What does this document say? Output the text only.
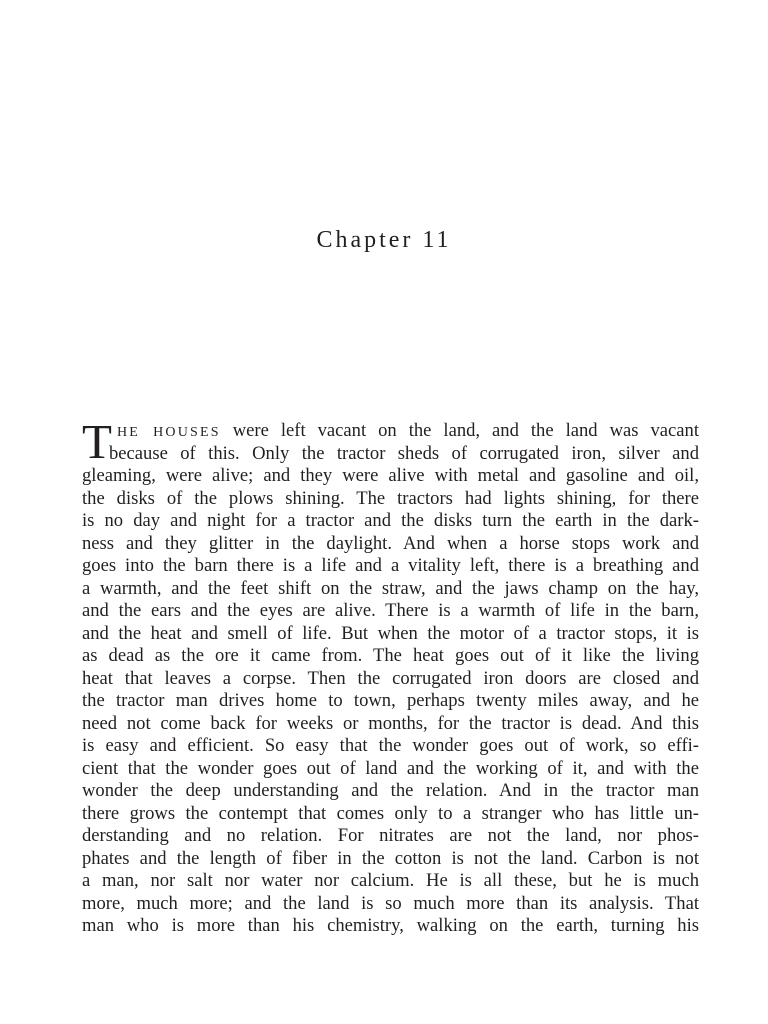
Chapter 11
T HE HOUSES were left vacant on the land, and the land was vacant
because of this. Only the tractor sheds of corrugated iron, silver and
gleaming, were alive; and they were alive with metal and gasoline and oil,
the disks of the plows shining. The tractors had lights shining, for there
is no day and night for a tractor and the disks turn the earth in the dark-
ness and they glitter in the daylight. And when a horse stops work and
goes into the barn there is a life and a vitality left, there is a breathing and
a warmth, and the feet shift on the straw, and the jaws champ on the hay,
and the ears and the eyes are alive. There is a warmth of life in the barn,
and the heat and smell of life. But when the motor of a tractor stops, it is
as dead as the ore it came from. The heat goes out of it like the living
heat that leaves a corpse. Then the corrugated iron doors are closed and
the tractor man drives home to town, perhaps twenty miles away, and he
need not come back for weeks or months, for the tractor is dead. And this
is easy and efficient. So easy that the wonder goes out of work, so effi-
cient that the wonder goes out of land and the working of it, and with the
wonder the deep understanding and the relation. And in the tractor man
there grows the contempt that comes only to a stranger who has little un-
derstanding and no relation. For nitrates are not the land, nor phos-
phates and the length of fiber in the cotton is not the land. Carbon is not
a man, nor salt nor water nor calcium. He is all these, but he is much
more, much more; and the land is so much more than its analysis. That
man who is more than his chemistry, walking on the earth, turning his
